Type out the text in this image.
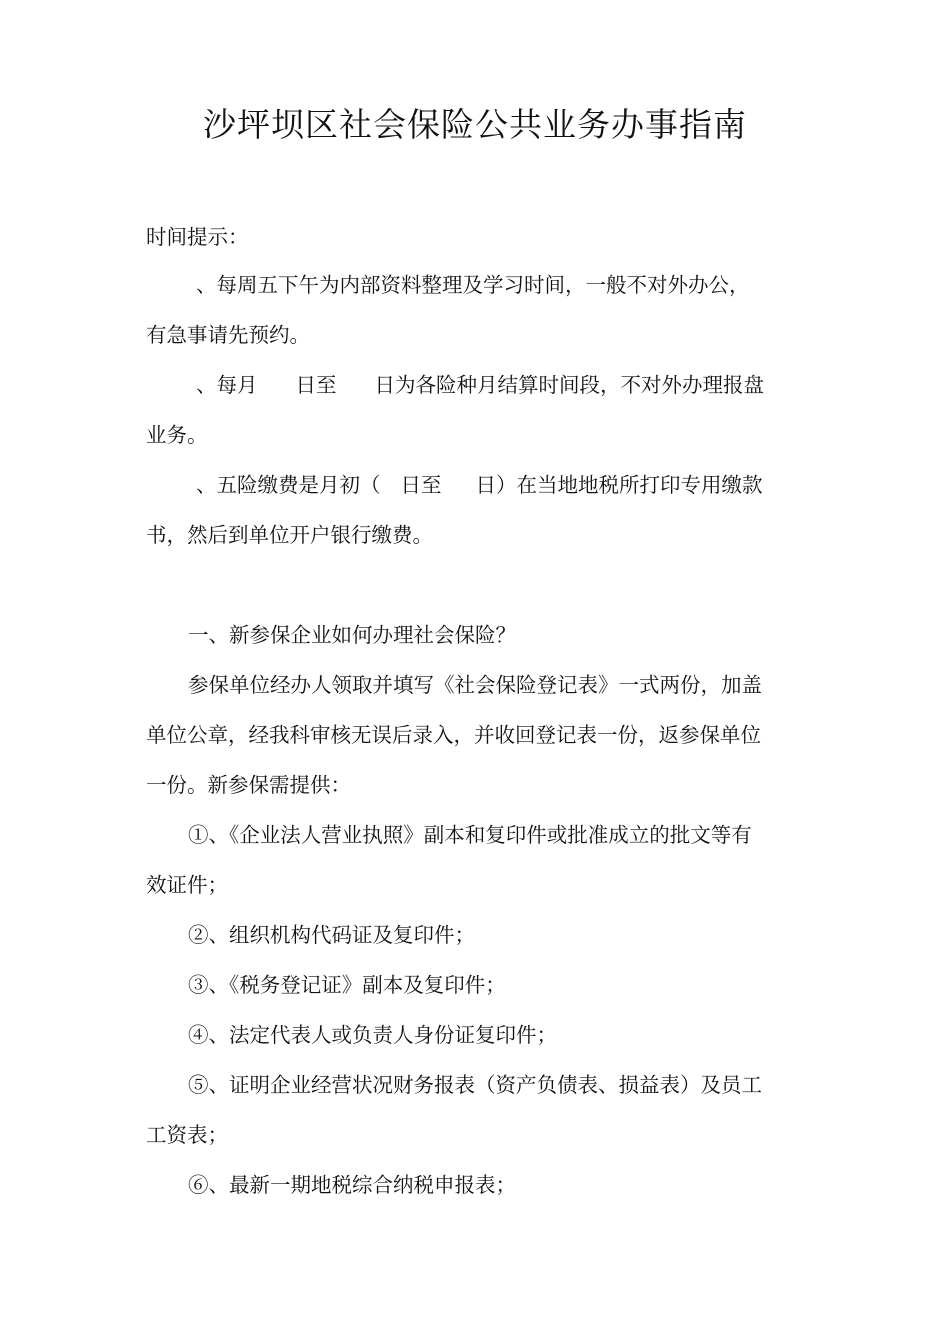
沙坪坝区社会保险公共业务办事指南

时间提示：

、每周五下午为内部资料整理及学习时间，一般不对外办公，

有急事请先预约。

、每月 日至 日为各险种月结算时间段，不对外办理报盘

业务。

、五险缴费是月初（ 日至 日）在当地地税所打印专用缴款

书，然后到单位开户银行缴费。

一、新参保企业如何办理社会保险？

参保单位经办人领取并填写《社会保险登记表》一式两份，加盖

单位公章，经我科审核无误后录入，并收回登记表一份，返参保单位

一份。新参保需提供：

①、《企业法人营业执照》副本和复印件或批准成立的批文等有

效证件；

②、组织机构代码证及复印件；

③、《税务登记证》副本及复印件；

④、法定代表人或负责人身份证复印件；

⑤、证明企业经营状况财务报表（资产负债表、损益表）及员工

工资表；

⑥、最新一期地税综合纳税申报表；
